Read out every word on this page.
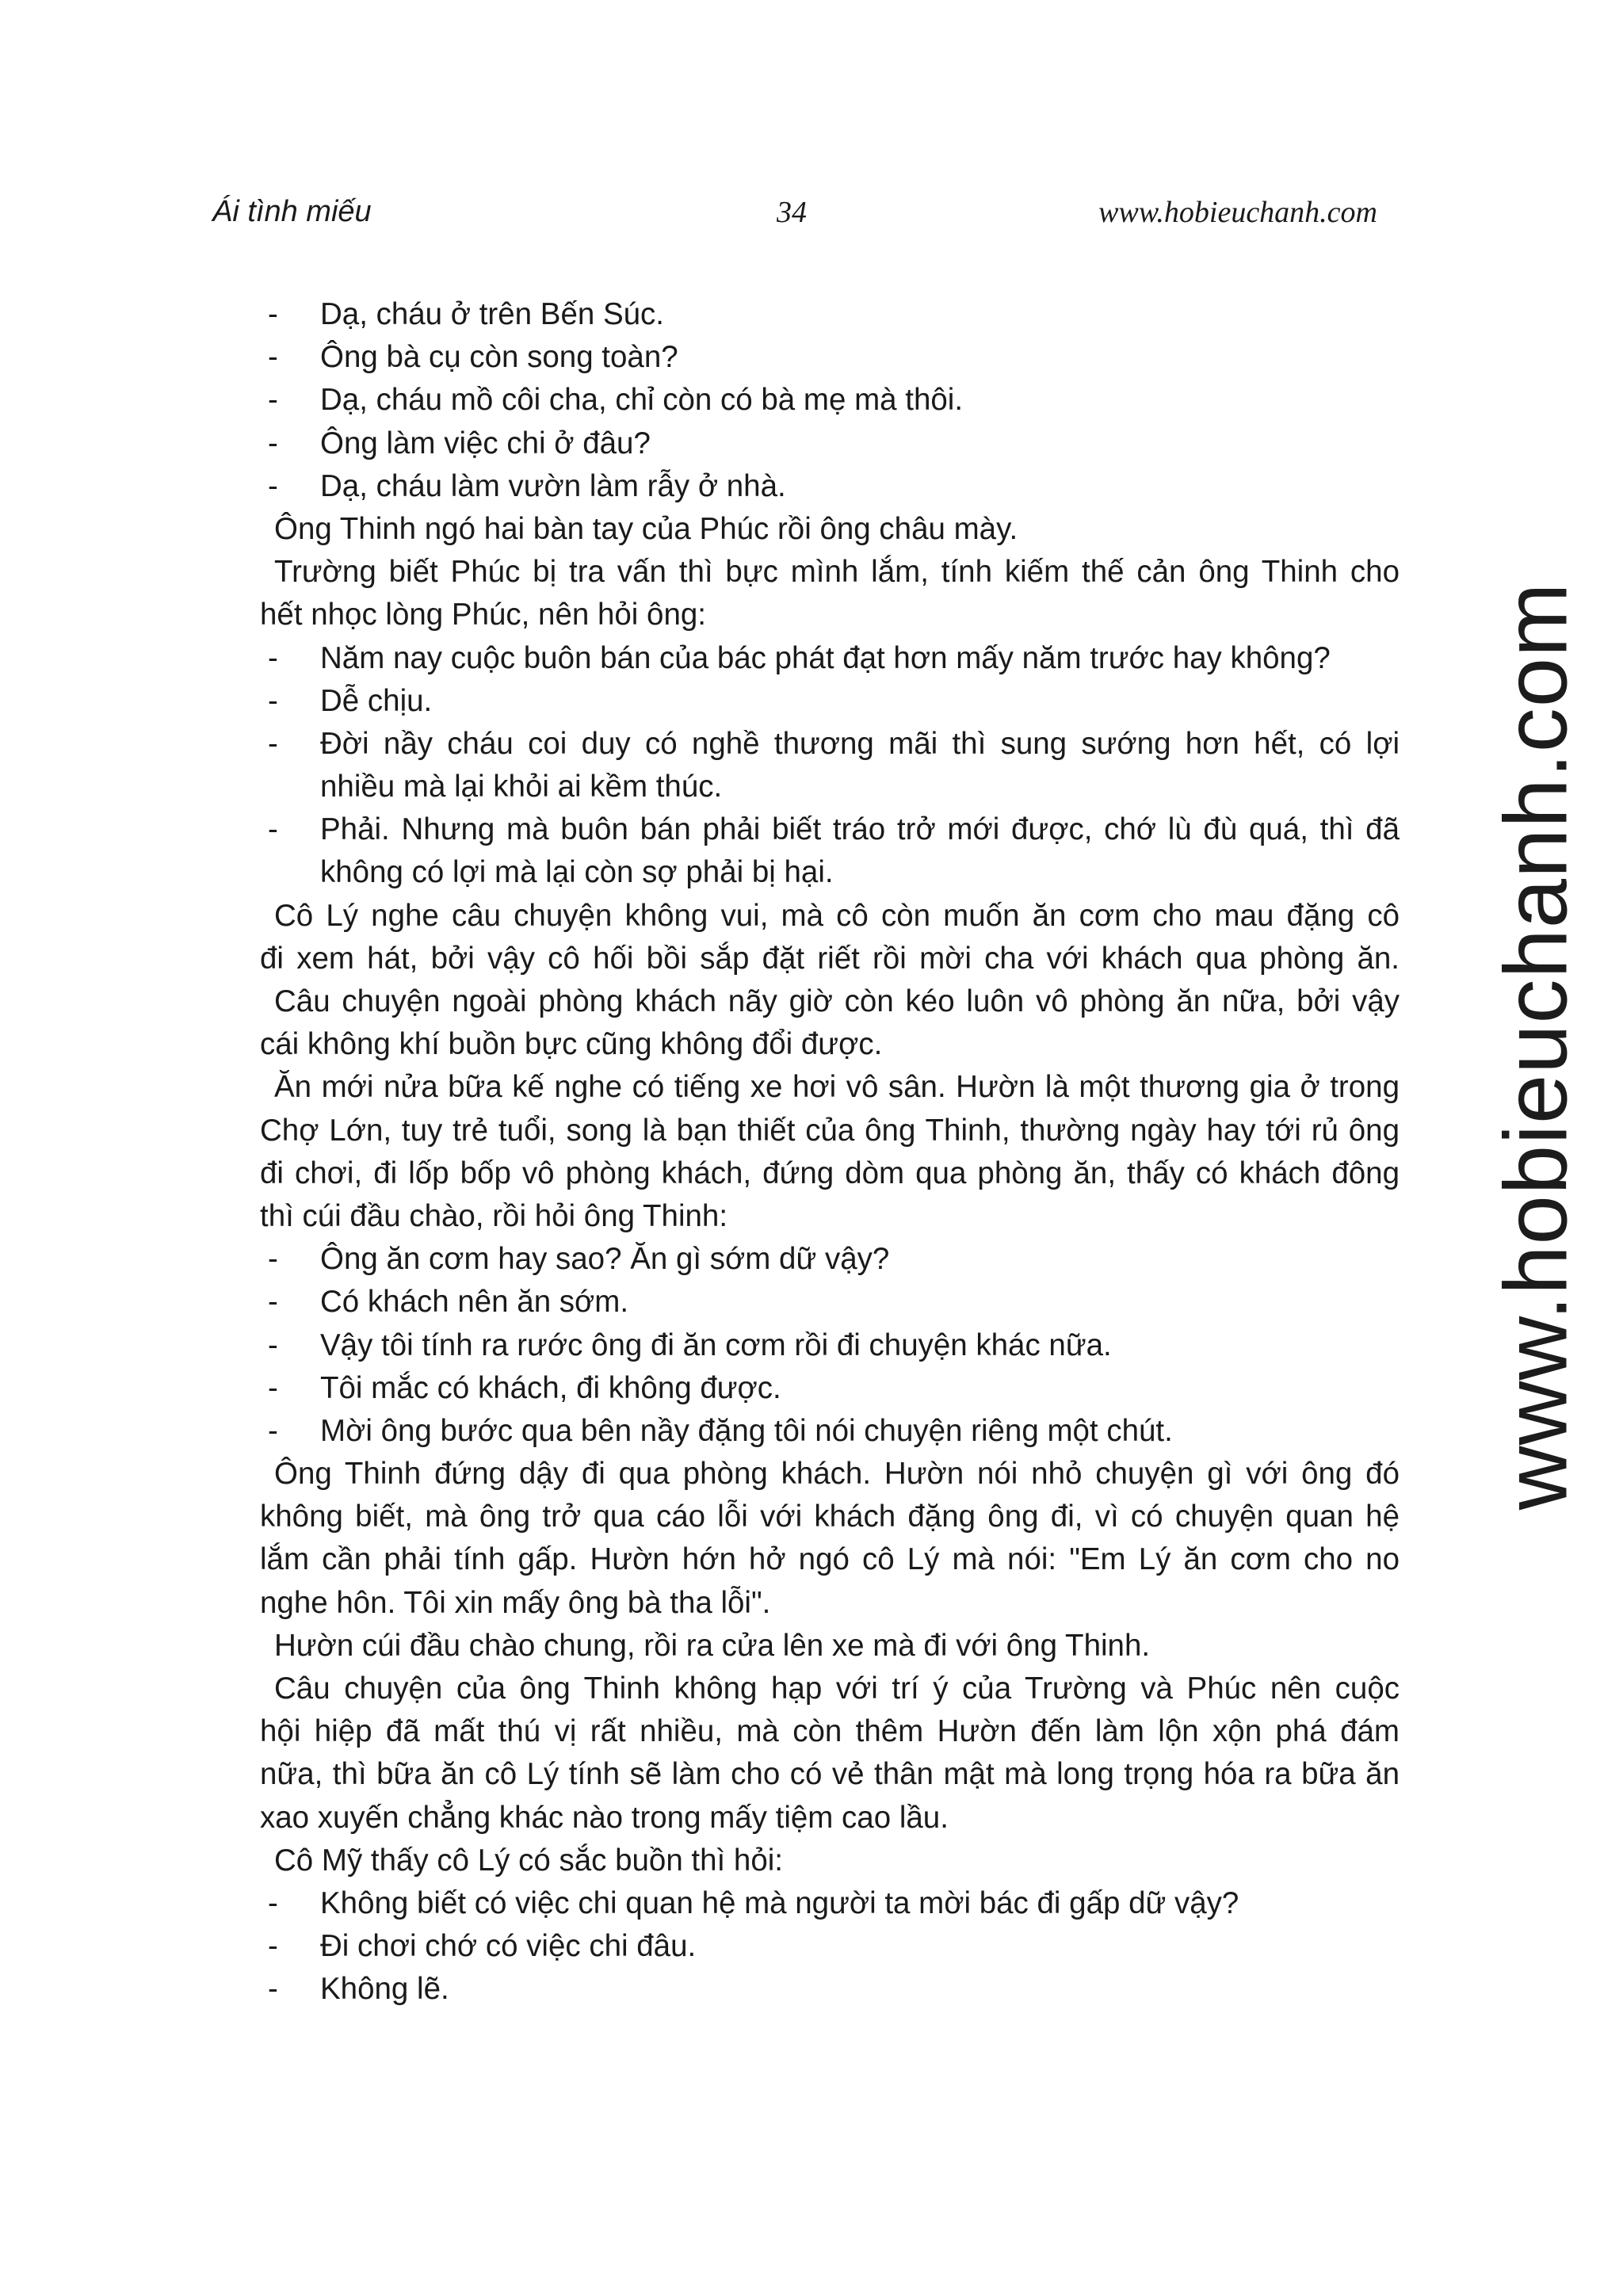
Ái tình miếu	34	www.hobieuchanh.com
- Dạ, cháu ở trên Bến Súc.
- Ông bà cụ còn song toàn?
- Dạ, cháu mồ côi cha, chỉ còn có bà mẹ mà thôi.
- Ông làm việc chi ở đâu?
- Dạ, cháu làm vườn làm rẫy ở nhà.
Ông Thinh ngó hai bàn tay của Phúc rồi ông châu mày.
Trường biết Phúc bị tra vấn thì bực mình lắm, tính kiếm thế cản ông Thinh cho
hết nhọc lòng Phúc, nên hỏi ông:
- Năm nay cuộc buôn bán của bác phát đạt hơn mấy năm trước hay không?
- Dễ chịu.
- Đời nầy cháu coi duy có nghề thương mãi thì sung sướng hơn hết, có lợi
nhiều mà lại khỏi ai kềm thúc.
- Phải. Nhưng mà buôn bán phải biết tráo trở mới được, chớ lù đù quá, thì đã
không có lợi mà lại còn sợ phải bị hại.
Cô Lý nghe câu chuyện không vui, mà cô còn muốn ăn cơm cho mau đặng cô
đi xem hát, bởi vậy cô hối bồi sắp đặt riết rồi mời cha với khách qua phòng ăn.
Câu chuyện ngoài phòng khách nãy giờ còn kéo luôn vô phòng ăn nữa, bởi vậy
cái không khí buồn bực cũng không đổi được.
Ăn mới nửa bữa kế nghe có tiếng xe hơi vô sân. Hườn là một thương gia ở trong
Chợ Lớn, tuy trẻ tuổi, song là bạn thiết của ông Thinh, thường ngày hay tới rủ ông
đi chơi, đi lốp bốp vô phòng khách, đứng dòm qua phòng ăn, thấy có khách đông
thì cúi đầu chào, rồi hỏi ông Thinh:
- Ông ăn cơm hay sao? Ăn gì sớm dữ vậy?
- Có khách nên ăn sớm.
- Vậy tôi tính ra rước ông đi ăn cơm rồi đi chuyện khác nữa.
- Tôi mắc có khách, đi không được.
- Mời ông bước qua bên nầy đặng tôi nói chuyện riêng một chút.
Ông Thinh đứng dậy đi qua phòng khách. Hườn nói nhỏ chuyện gì với ông đó
không biết, mà ông trở qua cáo lỗi với khách đặng ông đi, vì có chuyện quan hệ
lắm cần phải tính gấp. Hườn hớn hở ngó cô Lý mà nói: "Em Lý ăn cơm cho no
nghe hôn. Tôi xin mấy ông bà tha lỗi".
Hườn cúi đầu chào chung, rồi ra cửa lên xe mà đi với ông Thinh.
Câu chuyện của ông Thinh không hạp với trí ý của Trường và Phúc nên cuộc
hội hiệp đã mất thú vị rất nhiều, mà còn thêm Hườn đến làm lộn xộn phá đám
nữa, thì bữa ăn cô Lý tính sẽ làm cho có vẻ thân mật mà long trọng hóa ra bữa ăn
xao xuyến chẳng khác nào trong mấy tiệm cao lầu.
Cô Mỹ thấy cô Lý có sắc buồn thì hỏi:
- Không biết có việc chi quan hệ mà người ta mời bác đi gấp dữ vậy?
- Đi chơi chớ có việc chi đâu.
- Không lẽ.
www.hobieuchanh.com
